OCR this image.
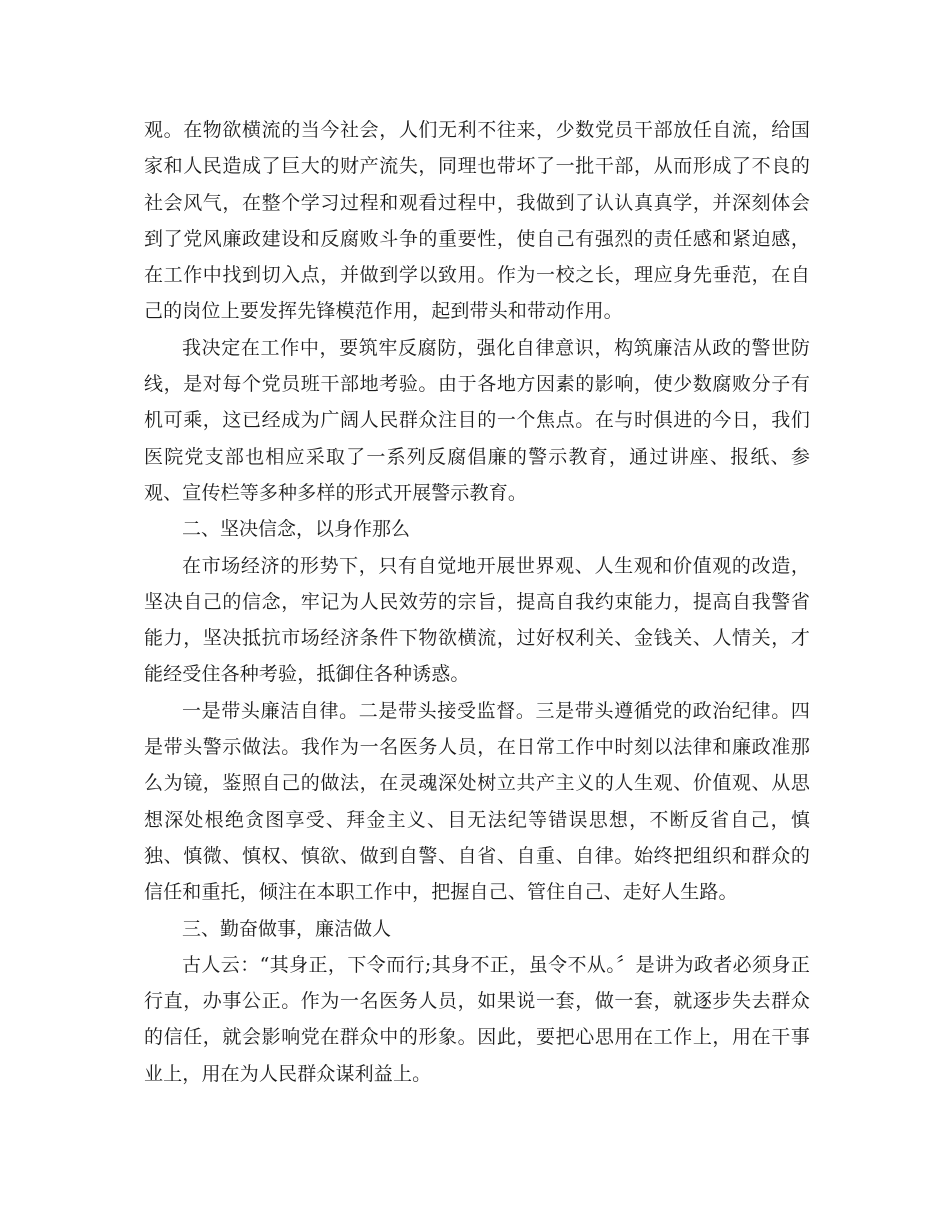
观。在物欲横流的当今社会，人们无利不往来，少数党员干部放任自流，给国家和人民造成了巨大的财产流失，同理也带坏了一批干部，从而形成了不良的社会风气，在整个学习过程和观看过程中，我做到了认认真真学，并深刻体会到了党风廉政建设和反腐败斗争的重要性，使自己有强烈的责任感和紧迫感，在工作中找到切入点，并做到学以致用。作为一校之长，理应身先垂范，在自己的岗位上要发挥先锋模范作用，起到带头和带动作用。

我决定在工作中，要筑牢反腐防，强化自律意识，构筑廉洁从政的警世防线，是对每个党员班干部地考验。由于各地方因素的影响，使少数腐败分子有机可乘，这已经成为广阔人民群众注目的一个焦点。在与时俱进的今日，我们医院党支部也相应采取了一系列反腐倡廉的警示教育，通过讲座、报纸、参观、宣传栏等多种多样的形式开展警示教育。

二、坚决信念，以身作那么

在市场经济的形势下，只有自觉地开展世界观、人生观和价值观的改造，坚决自己的信念，牢记为人民效劳的宗旨，提高自我约束能力，提高自我警省能力，坚决抵抗市场经济条件下物欲横流，过好权利关、金钱关、人情关，才能经受住各种考验，抵御住各种诱惑。

一是带头廉洁自律。二是带头接受监督。三是带头遵循党的政治纪律。四是带头警示做法。我作为一名医务人员，在日常工作中时刻以法律和廉政准那么为镜，鉴照自己的做法，在灵魂深处树立共产主义的人生观、价值观、从思想深处根绝贪图享受、拜金主义、目无法纪等错误思想，不断反省自己，慎独、慎微、慎权、慎欲、做到自警、自省、自重、自律。始终把组织和群众的信任和重托，倾注在本职工作中，把握自己、管住自己、走好人生路。

三、勤奋做事，廉洁做人

古人云：“其身正，下令而行;其身不正，虽令不从。〞是讲为政者必须身正行直，办事公正。作为一名医务人员，如果说一套，做一套，就逐步失去群众的信任，就会影响党在群众中的形象。因此，要把心思用在工作上，用在干事业上，用在为人民群众谋利益上。
